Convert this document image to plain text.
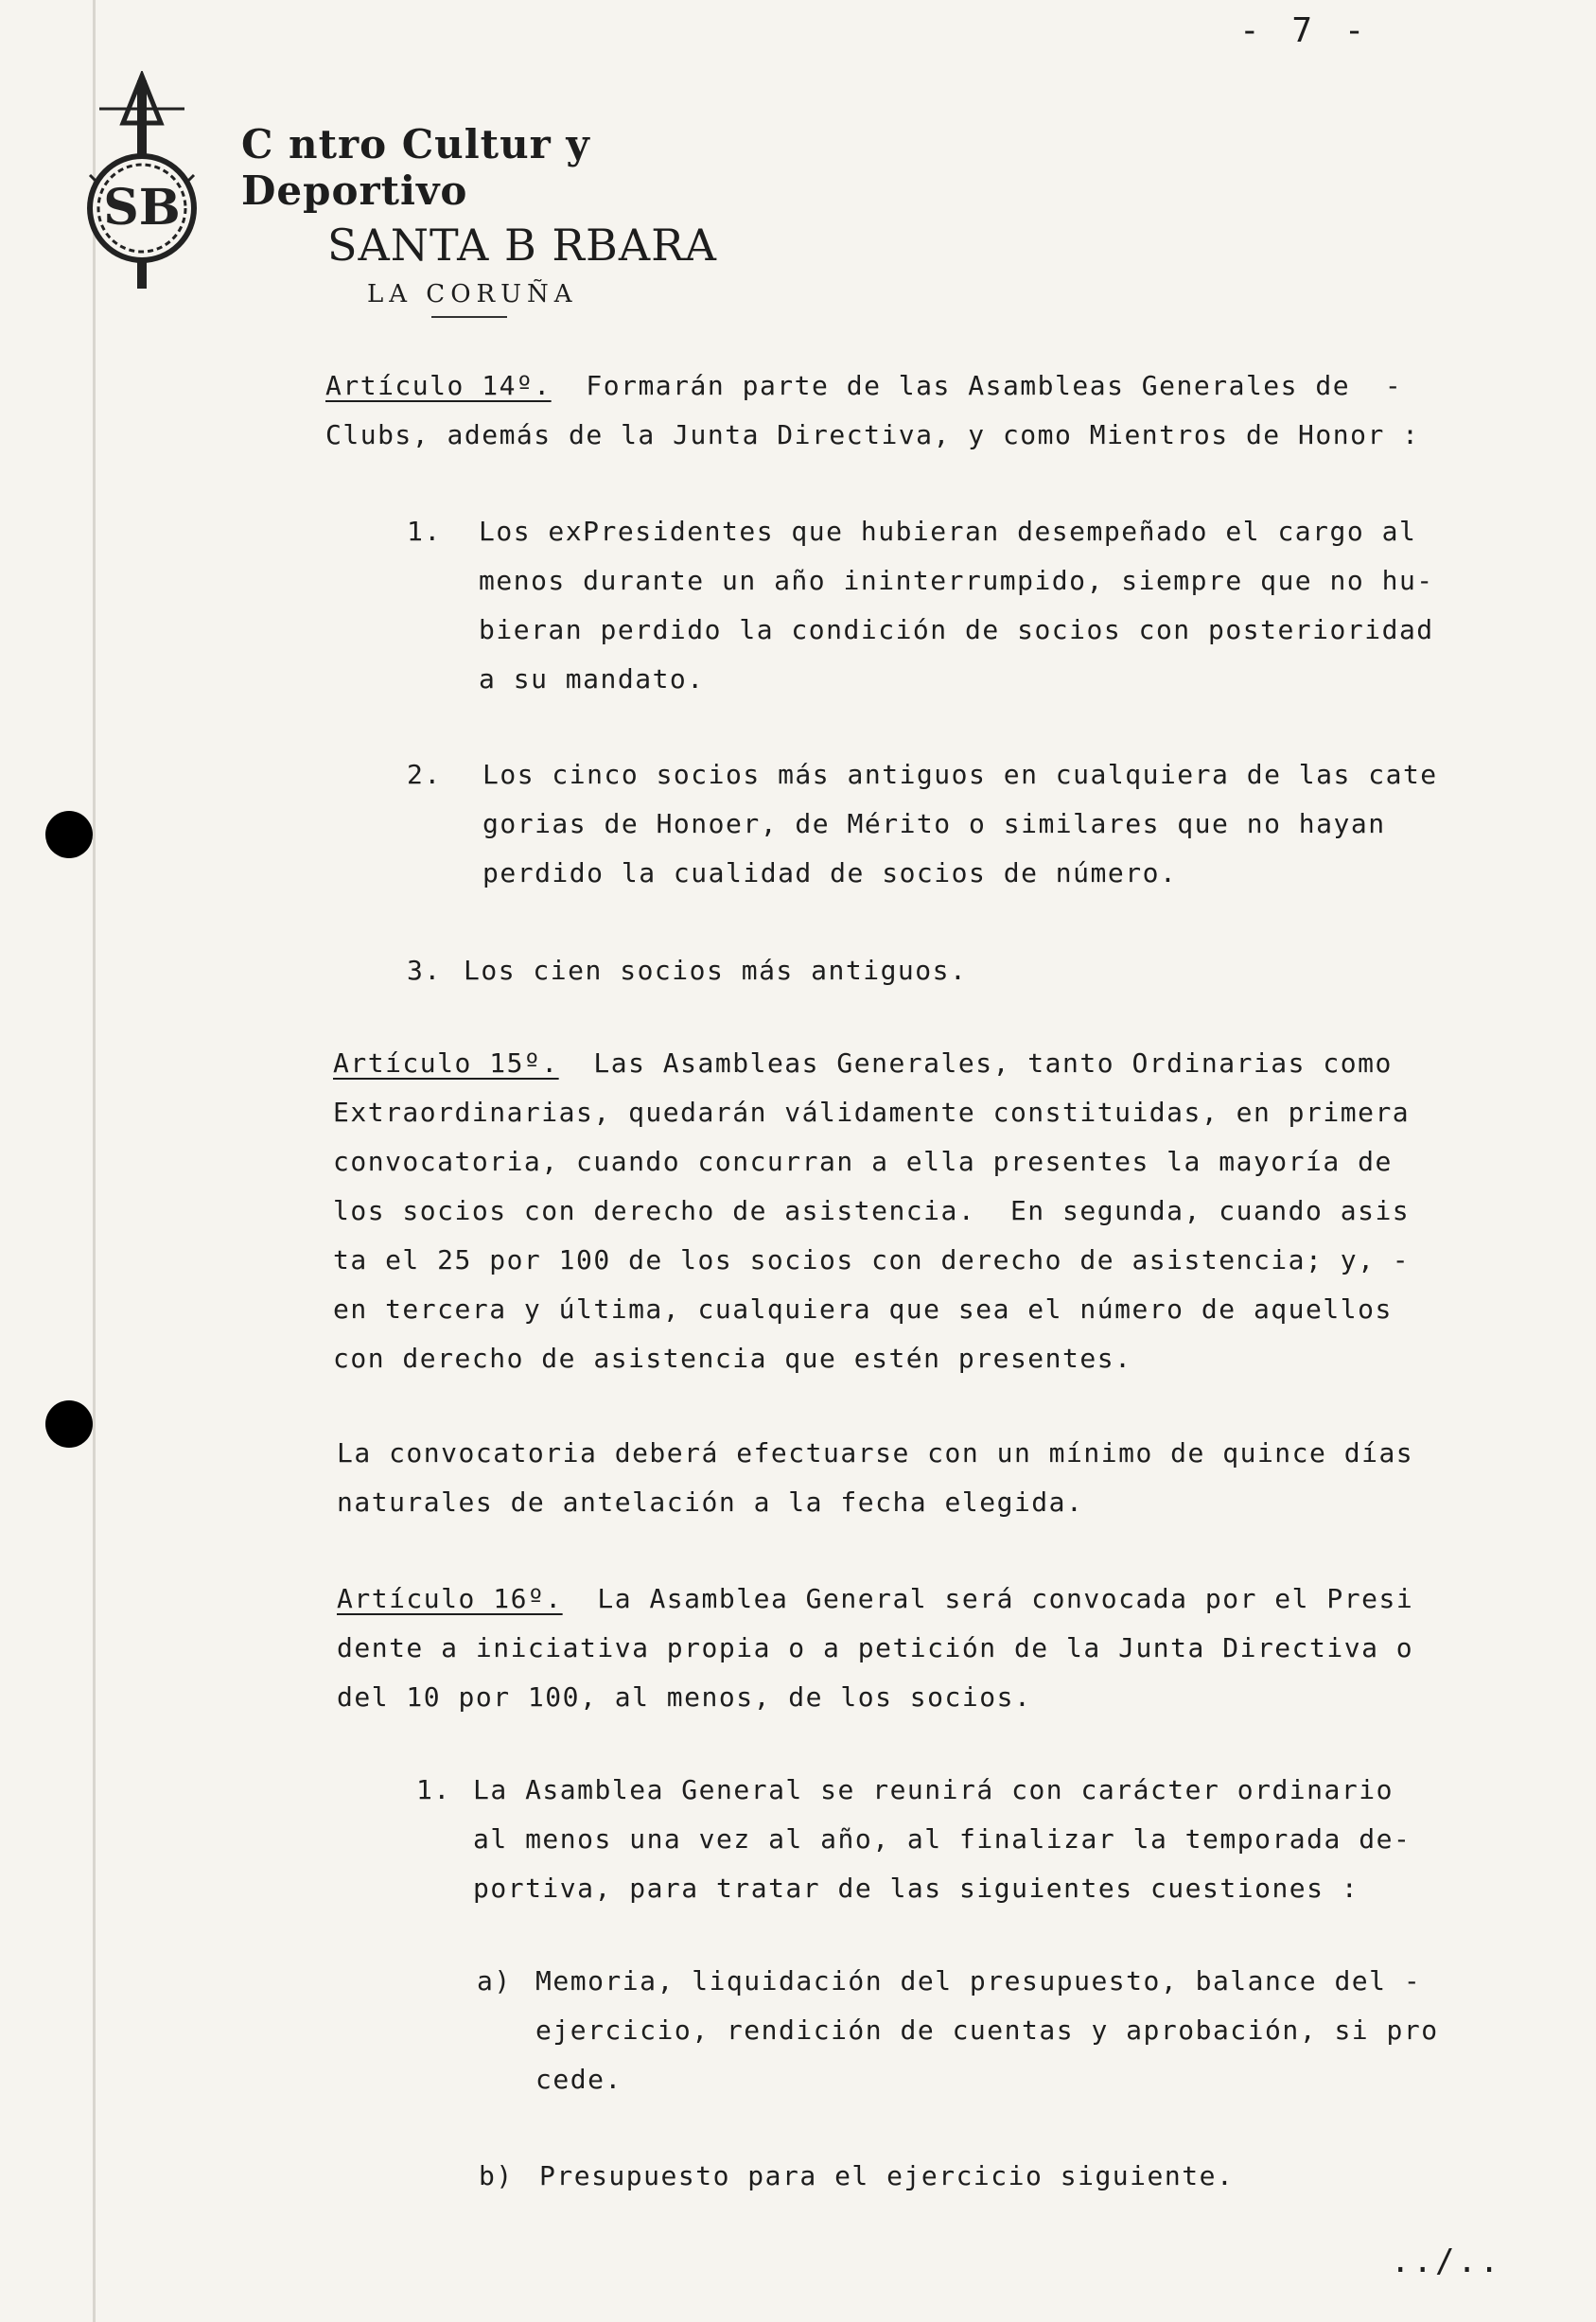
- 7 -
SB
C ntro Cultur y Deportivo
SANTA B RBARA
LA CORUÑA
Artículo 14º.  Formarán parte de las Asambleas Generales de  -
Clubs, además de la Junta Directiva, y como Mientros de Honor :
1. Los exPresidentes que hubieran desempeñado el cargo al
menos durante un año ininterrumpido, siempre que no hu-
bieran perdido la condición de socios con posterioridad
a su mandato.
2. Los cinco socios más antiguos en cualquiera de las cate
gorias de Honoer, de Mérito o similares que no hayan
perdido la cualidad de socios de número.
3. Los cien socios más antiguos.
Artículo 15º.  Las Asambleas Generales, tanto Ordinarias como
Extraordinarias, quedarán válidamente constituidas, en primera
convocatoria, cuando concurran a ella presentes la mayoría de
los socios con derecho de asistencia.  En segunda, cuando asis
ta el 25 por 100 de los socios con derecho de asistencia; y, -
en tercera y última, cualquiera que sea el número de aquellos
con derecho de asistencia que estén presentes.
La convocatoria deberá efectuarse con un mínimo de quince días
naturales de antelación a la fecha elegida.
Artículo 16º.  La Asamblea General será convocada por el Presi
dente a iniciativa propia o a petición de la Junta Directiva o
del 10 por 100, al menos, de los socios.
1. La Asamblea General se reunirá con carácter ordinario
al menos una vez al año, al finalizar la temporada de-
portiva, para tratar de las siguientes cuestiones :
a) Memoria, liquidación del presupuesto, balance del -
ejercicio, rendición de cuentas y aprobación, si pro
cede.
b) Presupuesto para el ejercicio siguiente.
../..
